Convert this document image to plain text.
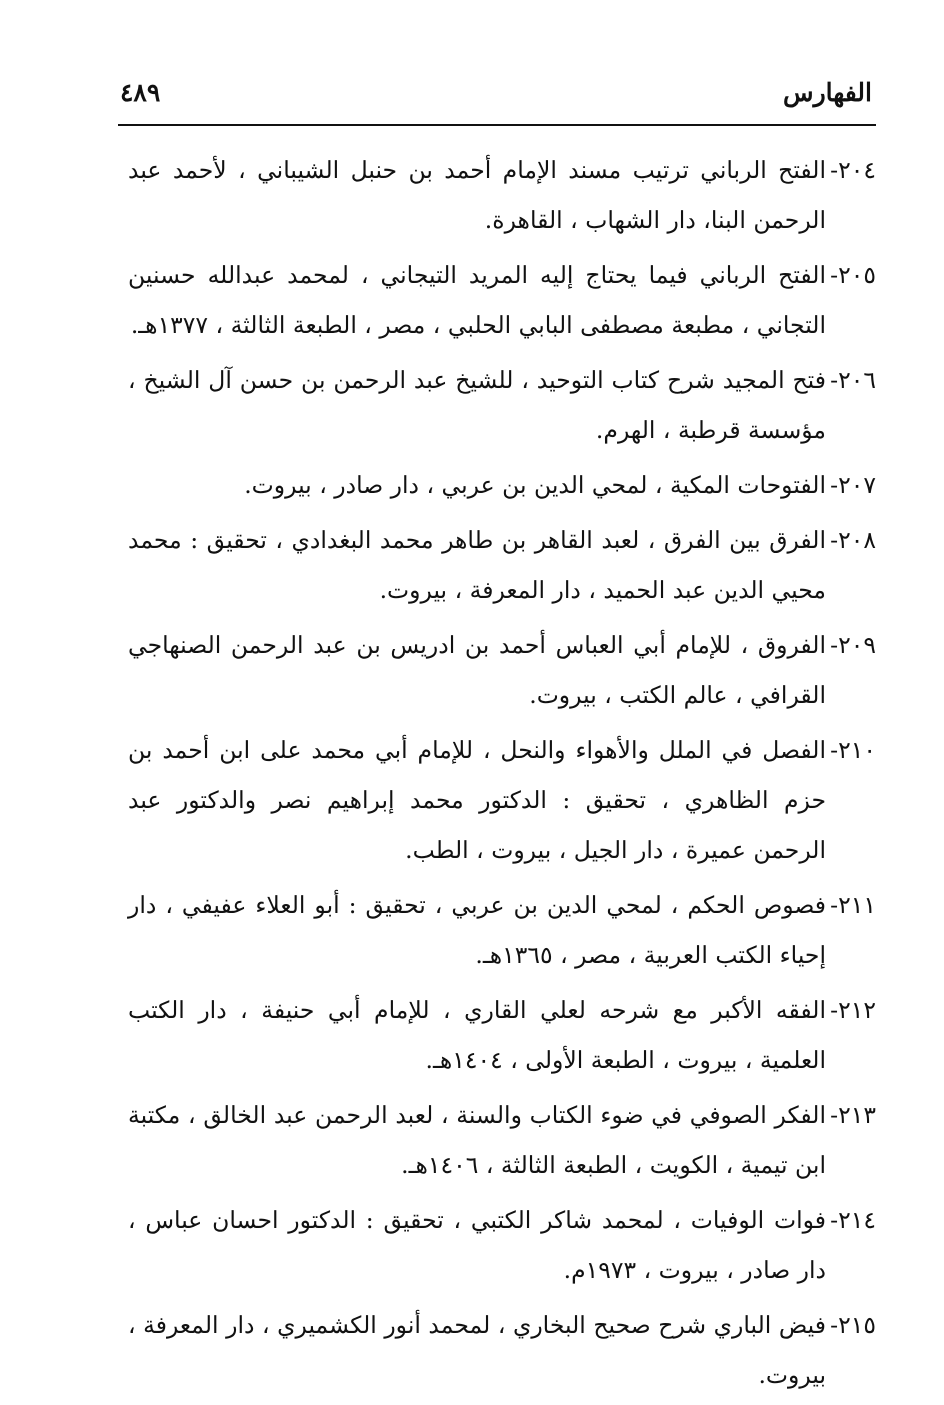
الفهارس
٤٨٩

٢٠٤-الفتح الرباني ترتيب مسند الإمام أحمد بن حنبل الشيباني ، لأحمد عبد الرحمن البنا، دار الشهاب ، القاهرة.

٢٠٥-الفتح الرباني فيما يحتاج إليه المريد التيجاني ، لمحمد عبدالله حسنين التجاني ، مطبعة مصطفى البابي الحلبي ، مصر ، الطبعة الثالثة ، ١٣٧٧هـ.

٢٠٦-فتح المجيد شرح كتاب التوحيد ، للشيخ عبد الرحمن بن حسن آل الشيخ ، مؤسسة قرطبة ، الهرم.

٢٠٧-الفتوحات المكية ، لمحي الدين بن عربي ، دار صادر ، بيروت.

٢٠٨-الفرق بين الفرق ، لعبد القاهر بن طاهر محمد البغدادي ، تحقيق : محمد محيي الدين عبد الحميد ، دار المعرفة ، بيروت.

٢٠٩-الفروق ، للإمام أبي العباس أحمد بن ادريس بن عبد الرحمن الصنهاجي القرافي ، عالم الكتب ، بيروت.

٢١٠-الفصل في الملل والأهواء والنحل ، للإمام أبي محمد على ابن أحمد بن حزم الظاهري ، تحقيق : الدكتور محمد إبراهيم نصر والدكتور عبد الرحمن عميرة ، دار الجيل ، بيروت ، الطب.

٢١١-فصوص الحكم ، لمحي الدين بن عربي ، تحقيق : أبو العلاء عفيفي ، دار إحياء الكتب العربية ، مصر ، ١٣٦٥هـ.

٢١٢-الفقه الأكبر مع شرحه لعلي القاري ، للإمام أبي حنيفة ، دار الكتب العلمية ، بيروت ، الطبعة الأولى ، ١٤٠٤هـ.

٢١٣-الفكر الصوفي في ضوء الكتاب والسنة ، لعبد الرحمن عبد الخالق ، مكتبة ابن تيمية ، الكويت ، الطبعة الثالثة ، ١٤٠٦هـ.

٢١٤-فوات الوفيات ، لمحمد شاكر الكتبي ، تحقيق : الدكتور احسان عباس ، دار صادر ، بيروت ، ١٩٧٣م.

٢١٥-فيض الباري شرح صحيح البخاري ، لمحمد أنور الكشميري ، دار المعرفة ، بيروت.
